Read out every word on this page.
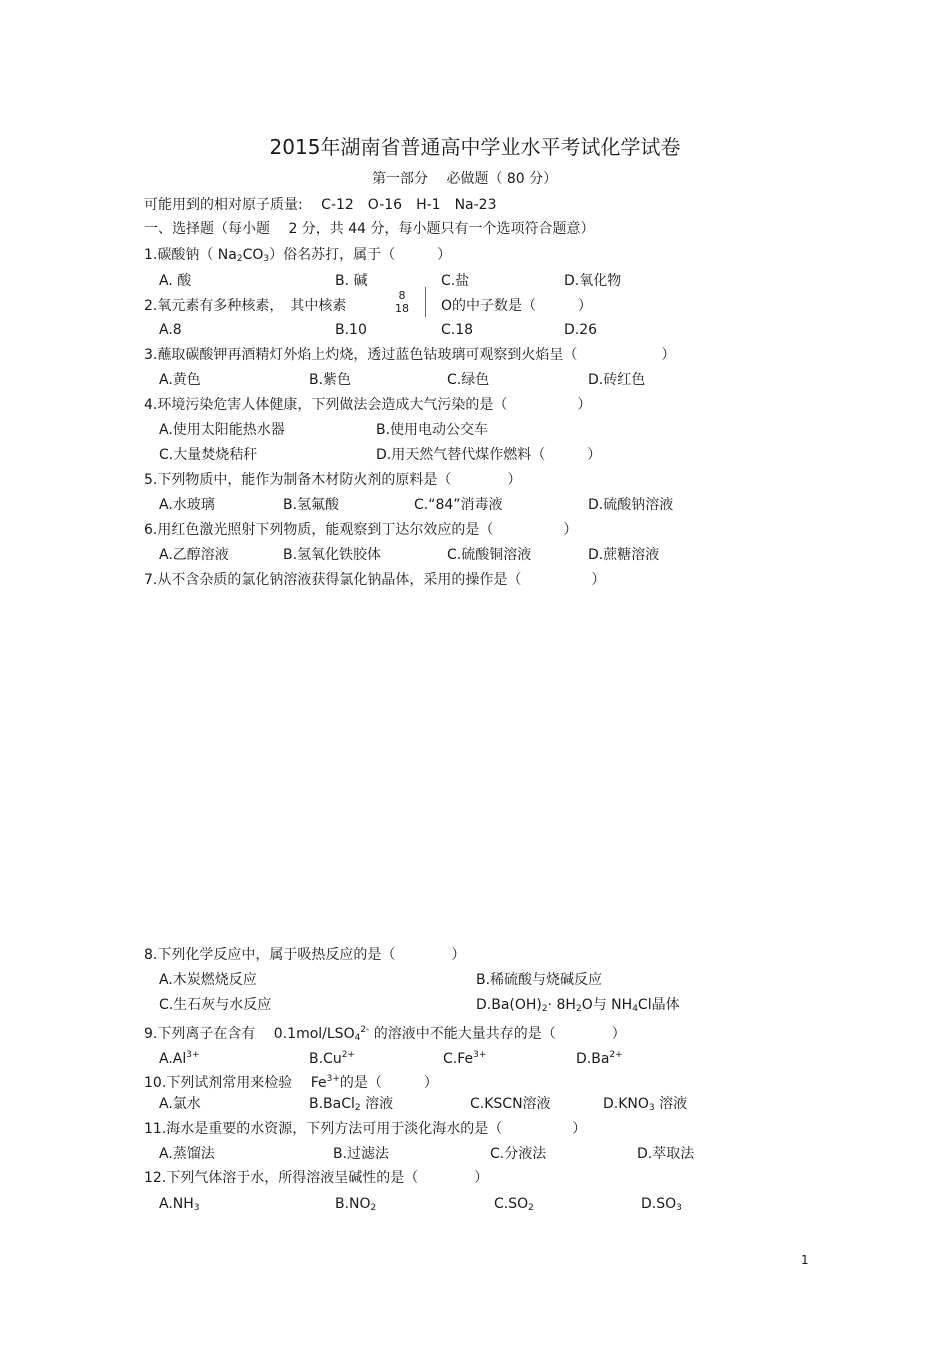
2015年湖南省普通高中学业水平考试化学试卷
第一部分　 必做题（ 80 分）
可能用到的相对原子质量:　 C-12　O-16　H-1　Na-23
一、选择题（每小题　 2 分，共 44 分，每小题只有一个选项符合题意）
1.碳酸钠（ $Na_2CO_3$）俗名苏打，属于（　　　）
A. 酸	B. 碱	C.盐	D.氧化物
2.氧元素有多种核素，　其中核素
8
18 O的中子数是（　　　）
A.8	B.10	C.18	D.26
3.蘸取碳酸钾再酒精灯外焰上灼烧，透过蓝色钴玻璃可观察到火焰呈（　　　　　　）
A.黄色	B.紫色	C.绿色	D.砖红色
4.环境污染危害人体健康，下列做法会造成大气污染的是（　　　　　）
A.使用太阳能热水器	B.使用电动公交车
C.大量焚烧秸秆	D.用天然气替代煤作燃料（　　　）
5.下列物质中，能作为制备木材防火剂的原料是（　　　　）
A.水玻璃	B.氢氟酸	C.“84”消毒液	D.硫酸钠溶液
6.用红色激光照射下列物质，能观察到丁达尔效应的是（　　　　　）
A.乙醇溶液	B.氢氧化铁胶体	C.硫酸铜溶液	D.蔗糖溶液
7.从不含杂质的氯化钠溶液获得氯化钠晶体，采用的操作是（　　　　　）
8.下列化学反应中，属于吸热反应的是（　　　　）
A.木炭燃烧反应	B.稀硫酸与烧碱反应
C.生石灰与水反应	$D.Ba(OH)_2\cdot 8H_2O$与 $NH_4Cl$晶体
9.下列离子在含有　 $0.1mol/LSO_4^{2-}$ 的溶液中不能大量共存的是（　　　　）
$A.Al^{3+}$	$B.Cu^{2+}$	$C.Fe^{3+}$	$D.Ba^{2+}$
10.下列试剂常用来检验　 $Fe^{3+}$的是（　　　）
A.氯水	B.BaCl$_2$ 溶液	C.KSCN溶液	$D.KNO_3$ 溶液
11.海水是重要的水资源，下列方法可用于淡化海水的是（　　　　　）
A.蒸馏法	B.过滤法	C.分液法	D.萃取法
12.下列气体溶于水，所得溶液呈碱性的是（　　　　）
$A.NH_3$	$B.NO_2$	$C.SO_2$	$D.SO_3$
1
